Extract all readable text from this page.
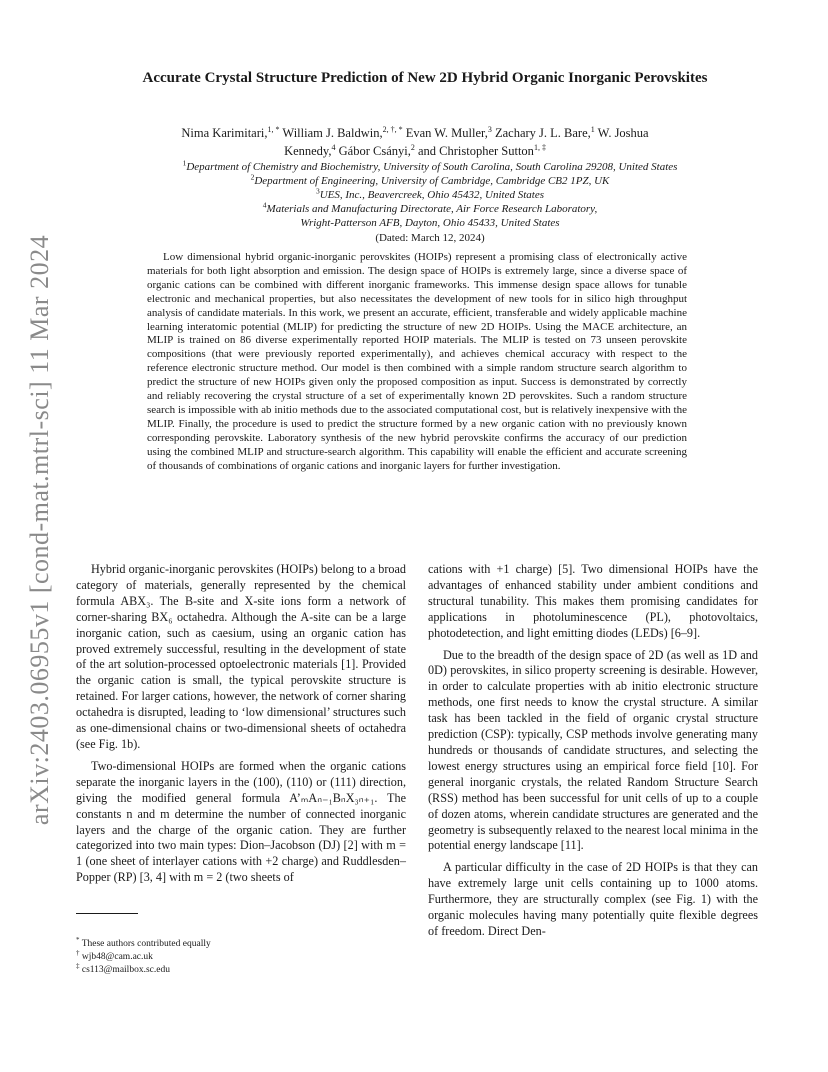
arXiv:2403.06955v1 [cond-mat.mtrl-sci] 11 Mar 2024
Accurate Crystal Structure Prediction of New 2D Hybrid Organic Inorganic Perovskites
Nima Karimitari,$^{1, *}$ William J. Baldwin,$^{2, \dagger, *}$ Evan W. Muller,$^3$ Zachary J. L. Bare,$^1$ W. Joshua Kennedy,$^4$ Gábor Csányi,$^2$ and Christopher Sutton$^{1, \ddagger}$
$^1$Department of Chemistry and Biochemistry, University of South Carolina, South Carolina 29208, United States
$^2$Department of Engineering, University of Cambridge, Cambridge CB2 1PZ, UK
$^3$UES, Inc., Beavercreek, Ohio 45432, United States
$^4$Materials and Manufacturing Directorate, Air Force Research Laboratory,
Wright-Patterson AFB, Dayton, Ohio 45433, United States
(Dated: March 12, 2024)

Low dimensional hybrid organic-inorganic perovskites (HOIPs) represent a promising class of electronically active materials for both light absorption and emission. The design space of HOIPs is extremely large, since a diverse space of organic cations can be combined with different inorganic frameworks. This immense design space allows for tunable electronic and mechanical properties, but also necessitates the development of new tools for in silico high throughput analysis of candidate materials. In this work, we present an accurate, efficient, transferable and widely applicable machine learning interatomic potential (MLIP) for predicting the structure of new 2D HOIPs. Using the MACE architecture, an MLIP is trained on 86 diverse experimentally reported HOIP materials. The MLIP is tested on 73 unseen perovskite compositions (that were previously reported experimentally), and achieves chemical accuracy with respect to the reference electronic structure method. Our model is then combined with a simple random structure search algorithm to predict the structure of new HOIPs given only the proposed composition as input. Success is demonstrated by correctly and reliably recovering the crystal structure of a set of experimentally known 2D perovskites. Such a random structure search is impossible with ab initio methods due to the associated computational cost, but is relatively inexpensive with the MLIP. Finally, the procedure is used to predict the structure formed by a new organic cation with no previously known corresponding perovskite. Laboratory synthesis of the new hybrid perovskite confirms the accuracy of our prediction using the combined MLIP and structure-search algorithm. This capability will enable the efficient and accurate screening of thousands of combinations of organic cations and inorganic layers for further investigation.

Hybrid organic-inorganic perovskites (HOIPs) belong to a broad category of materials, generally represented by the chemical formula ABX₃. The B-site and X-site ions form a network of corner-sharing BX₆ octahedra. Although the A-site can be a large inorganic cation, such as caesium, using an organic cation has proved extremely successful, resulting in the development of state of the art solution-processed optoelectronic materials [1]. Provided the organic cation is small, the typical perovskite structure is retained. For larger cations, however, the network of corner sharing octahedra is disrupted, leading to ‘low dimensional’ structures such as one-dimensional chains or two-dimensional sheets of octahedra (see Fig. 1b).

Two-dimensional HOIPs are formed when the organic cations separate the inorganic layers in the (100), (110) or (111) direction, giving the modified general formula A’ₘAₙ₋₁BₙX₃ₙ₊₁. The constants n and m determine the number of connected inorganic layers and the charge of the organic cation. They are further categorized into two main types: Dion–Jacobson (DJ) [2] with m = 1 (one sheet of interlayer cations with +2 charge) and Ruddlesden–Popper (RP) [3, 4] with m = 2 (two sheets of

cations with +1 charge) [5]. Two dimensional HOIPs have the advantages of enhanced stability under ambient conditions and structural tunability. This makes them promising candidates for applications in photoluminescence (PL), photovoltaics, photodetection, and light emitting diodes (LEDs) [6–9].

Due to the breadth of the design space of 2D (as well as 1D and 0D) perovskites, in silico property screening is desirable. However, in order to calculate properties with ab initio electronic structure methods, one first needs to know the crystal structure. A similar task has been tackled in the field of organic crystal structure prediction (CSP): typically, CSP methods involve generating many hundreds or thousands of candidate structures, and selecting the lowest energy structures using an empirical force field [10]. For general inorganic crystals, the related Random Structure Search (RSS) method has been successful for unit cells of up to a couple of dozen atoms, wherein candidate structures are generated and the geometry is subsequently relaxed to the nearest local minima in the potential energy landscape [11].

A particular difficulty in the case of 2D HOIPs is that they can have extremely large unit cells containing up to 1000 atoms. Furthermore, they are structurally complex (see Fig. 1) with the organic molecules having many potentially quite flexible degrees of freedom. Direct Den-

* These authors contributed equally
† wjb48@cam.ac.uk
‡ cs113@mailbox.sc.edu
